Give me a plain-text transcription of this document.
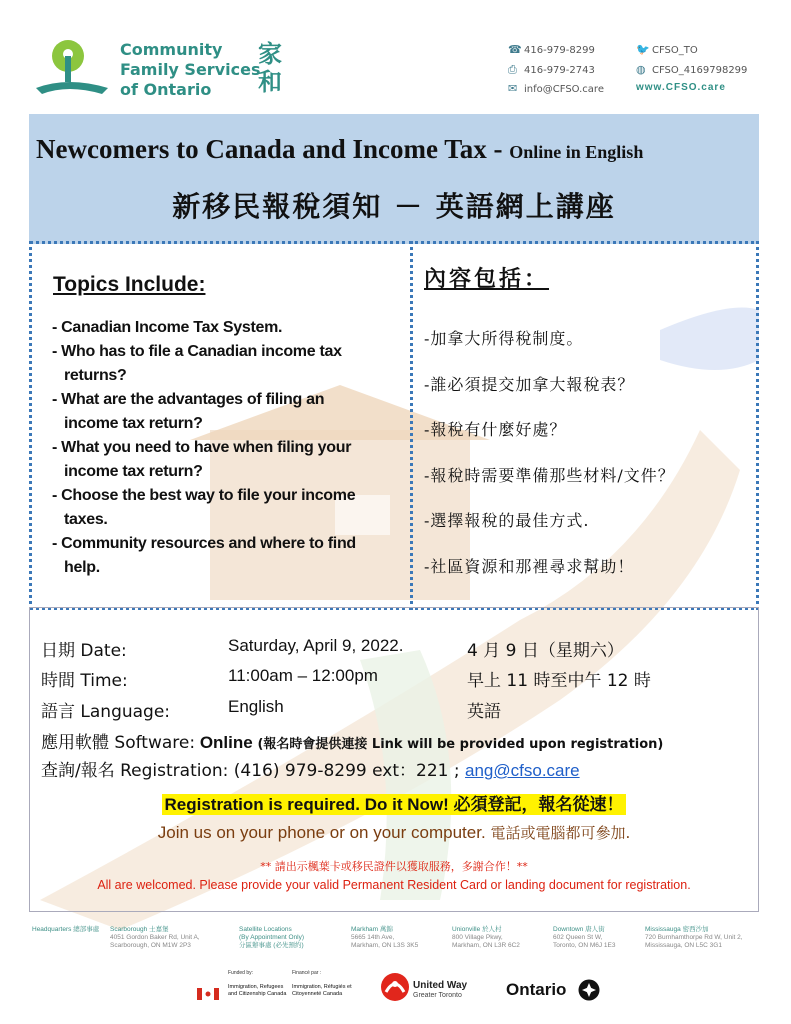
Community
Family Services
of Ontario
家
和
☎ 416-979-8299
⎙ 416-979-2743
✉ info@CFSO.care
🐦 CFSO_TO
◍ CFSO_4169798299
www.CFSO.care
Newcomers to Canada and Income Tax - Online in English
新移民報稅須知 － 英語網上講座
Topics Include:
- Canadian Income Tax System.
- Who has to file a Canadian income tax returns?
- What are the advantages of filing an income tax return?
- What you need to have when filing your income tax return?
- Choose the best way to file your income taxes.
- Community resources and where to find help.
內容包括：
-加拿大所得稅制度。
-誰必須提交加拿大報稅表？
-報稅有什麼好處？
-報稅時需要準備那些材料/文件？
-選擇報稅的最佳方式.
-社區資源和那裡尋求幫助！
日期 Date:	Saturday, April 9, 2022.	4 月 9 日（星期六）
時間 Time:	11:00am – 12:00pm	早上 11 時至中午 12 時
語言 Language:	English	英語
應用軟體 Software: Online (報名時會提供連接 Link will be provided upon registration)
查詢/報名 Registration: (416) 979-8299 ext：221 ; ang@cfso.care
Registration is required. Do it Now! 必須登記，報名從速！
Join us on your phone or on your computer. 電話或電腦都可參加.
** 請出示楓葉卡或移民證件以獲取服務，多謝合作！**
All are welcomed. Please provide your valid Permanent Resident Card or landing document for registration.
Headquarters 總部事處	Scarborough 士嘉堡
4051 Gordon Baker Rd, Unit A,
Scarborough, ON M1W 2P3
Satellite Locations
(By Appointment Only)
分區辦事處 (必先預約)
Markham 萬錦
5665 14th Ave,
Markham, ON L3S 3K5
Unionville 於人村
800 Village Pkwy,
Markham, ON L3R 6C2
Downtown 唐人街
602 Queen St W,
Toronto, ON M6J 1E3
Mississauga 密西沙加
720 Burnhamthorpe Rd W, Unit 2,
Mississauga, ON L5C 3G1
Funded by:	Financé par :
Immigration, Refugees and Citizenship Canada
Immigration, Réfugiés et Citoyenneté Canada
United Way
Greater Toronto	Ontario
